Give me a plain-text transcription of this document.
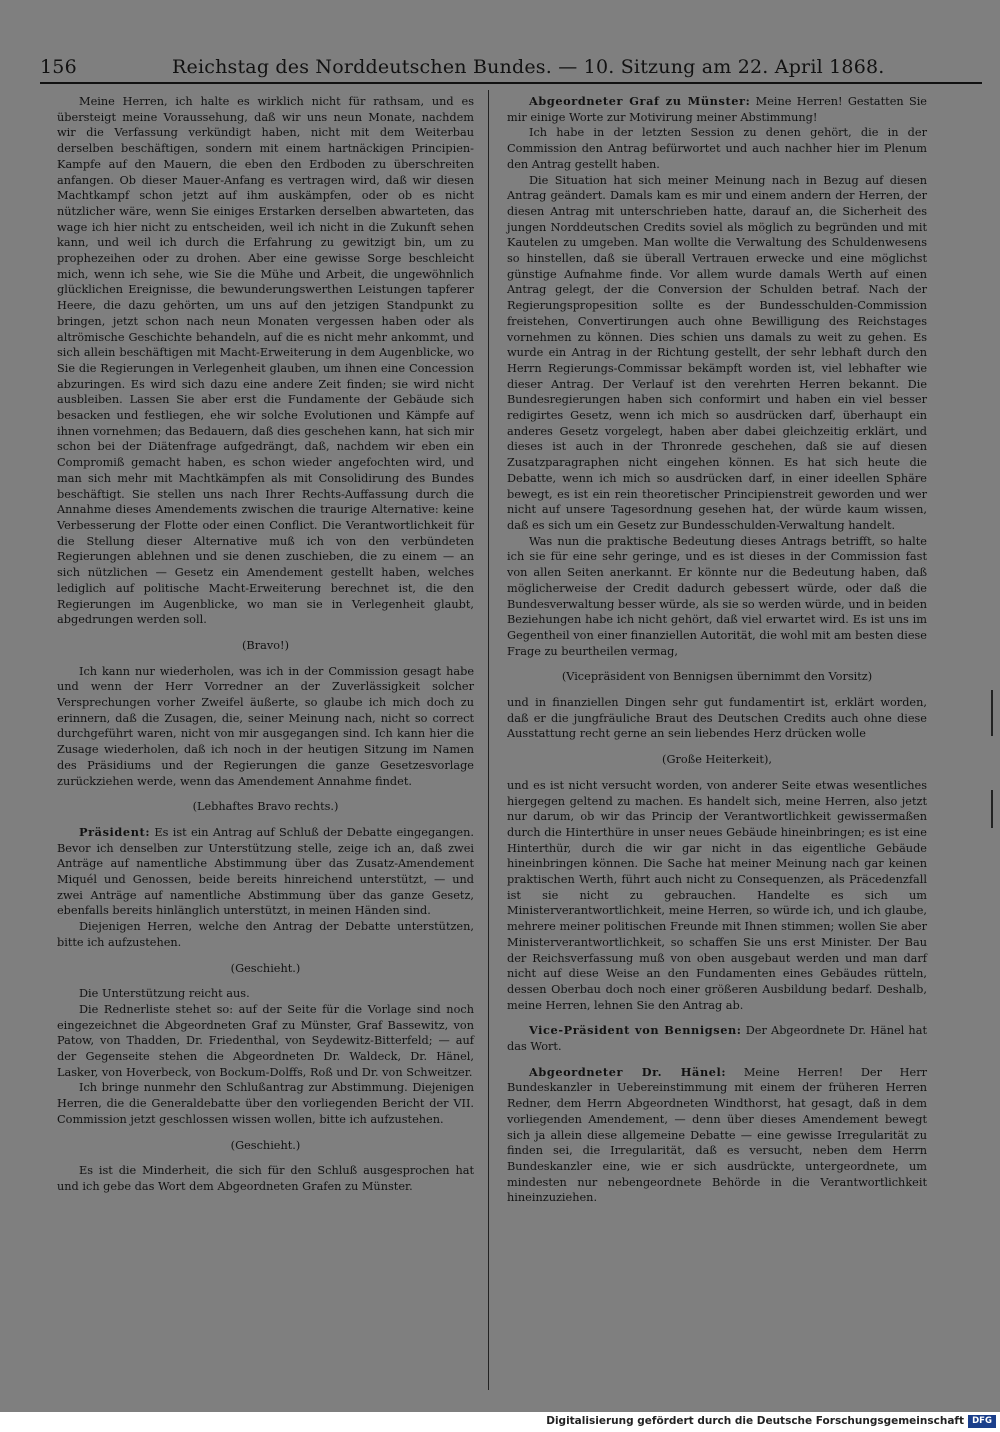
156	Reichstag des Norddeutschen Bundes. — 10. Sitzung am 22. April 1868.

Meine Herren, ich halte es wirklich nicht für rathsam, und es übersteigt meine Voraussehung, daß wir uns neun Monate, nachdem wir die Verfassung verkündigt haben, nicht mit dem Weiterbau derselben beschäftigen, sondern mit einem hartnäckigen Principien-Kampfe auf den Mauern, die eben den Erdboden zu überschreiten anfangen. Ob dieser Mauer-Anfang es vertragen wird, daß wir diesen Machtkampf schon jetzt auf ihm auskämpfen, oder ob es nicht nützlicher wäre, wenn Sie einiges Erstarken derselben abwarteten, das wage ich hier nicht zu entscheiden, weil ich nicht in die Zukunft sehen kann, und weil ich durch die Erfahrung zu gewitzigt bin, um zu prophezeihen oder zu drohen. Aber eine gewisse Sorge beschleicht mich, wenn ich sehe, wie Sie die Mühe und Arbeit, die ungewöhnlich glücklichen Ereignisse, die bewunderungswerthen Leistungen tapferer Heere, die dazu gehörten, um uns auf den jetzigen Standpunkt zu bringen, jetzt schon nach neun Monaten vergessen haben oder als altrömische Geschichte behandeln, auf die es nicht mehr ankommt, und sich allein beschäftigen mit Macht-Erweiterung in dem Augenblicke, wo Sie die Regierungen in Verlegenheit glauben, um ihnen eine Concession abzuringen. Es wird sich dazu eine andere Zeit finden; sie wird nicht ausbleiben. Lassen Sie aber erst die Fundamente der Gebäude sich besacken und festliegen, ehe wir solche Evolutionen und Kämpfe auf ihnen vornehmen; das Bedauern, daß dies geschehen kann, hat sich mir schon bei der Diätenfrage aufgedrängt, daß, nachdem wir eben ein Compromiß gemacht haben, es schon wieder angefochten wird, und man sich mehr mit Machtkämpfen als mit Consolidirung des Bundes beschäftigt. Sie stellen uns nach Ihrer Rechts-Auffassung durch die Annahme dieses Amendements zwischen die traurige Alternative: keine Verbesserung der Flotte oder einen Conflict. Die Verantwortlichkeit für die Stellung dieser Alternative muß ich von den verbündeten Regierungen ablehnen und sie denen zuschieben, die zu einem — an sich nützlichen — Gesetz ein Amendement gestellt haben, welches lediglich auf politische Macht-Erweiterung berechnet ist, die den Regierungen im Augenblicke, wo man sie in Verlegenheit glaubt, abgedrungen werden soll.

(Bravo!)

Ich kann nur wiederholen, was ich in der Commission gesagt habe und wenn der Herr Vorredner an der Zuverlässigkeit solcher Versprechungen vorher Zweifel äußerte, so glaube ich mich doch zu erinnern, daß die Zusagen, die, seiner Meinung nach, nicht so correct durchgeführt waren, nicht von mir ausgegangen sind. Ich kann hier die Zusage wiederholen, daß ich noch in der heutigen Sitzung im Namen des Präsidiums und der Regierungen die ganze Gesetzesvorlage zurückziehen werde, wenn das Amendement Annahme findet.

(Lebhaftes Bravo rechts.)

Präsident: Es ist ein Antrag auf Schluß der Debatte eingegangen. Bevor ich denselben zur Unterstützung stelle, zeige ich an, daß zwei Anträge auf namentliche Abstimmung über das Zusatz-Amendement Miquél und Genossen, beide bereits hinreichend unterstützt, — und zwei Anträge auf namentliche Abstimmung über das ganze Gesetz, ebenfalls bereits hinlänglich unterstützt, in meinen Händen sind.

Diejenigen Herren, welche den Antrag der Debatte unterstützen, bitte ich aufzustehen.

(Geschieht.)

Die Unterstützung reicht aus.

Die Rednerliste stehet so: auf der Seite für die Vorlage sind noch eingezeichnet die Abgeordneten Graf zu Münster, Graf Bassewitz, von Patow, von Thadden, Dr. Friedenthal, von Seydewitz-Bitterfeld; — auf der Gegenseite stehen die Abgeordneten Dr. Waldeck, Dr. Hänel, Lasker, von Hoverbeck, von Bockum-Dolffs, Roß und Dr. von Schweitzer.

Ich bringe nunmehr den Schlußantrag zur Abstimmung. Diejenigen Herren, die die Generaldebatte über den vorliegenden Bericht der VII. Commission jetzt geschlossen wissen wollen, bitte ich aufzustehen.

(Geschieht.)

Es ist die Minderheit, die sich für den Schluß ausgesprochen hat und ich gebe das Wort dem Abgeordneten Grafen zu Münster.

Abgeordneter Graf zu Münster: Meine Herren! Gestatten Sie mir einige Worte zur Motivirung meiner Abstimmung!

Ich habe in der letzten Session zu denen gehört, die in der Commission den Antrag befürwortet und auch nachher hier im Plenum den Antrag gestellt haben.

Die Situation hat sich meiner Meinung nach in Bezug auf diesen Antrag geändert. Damals kam es mir und einem andern der Herren, der diesen Antrag mit unterschrieben hatte, darauf an, die Sicherheit des jungen Norddeutschen Credits soviel als möglich zu begründen und mit Kautelen zu umgeben. Man wollte die Verwaltung des Schuldenwesens so hinstellen, daß sie überall Vertrauen erwecke und eine möglichst günstige Aufnahme finde. Vor allem wurde damals Werth auf einen Antrag gelegt, der die Conversion der Schulden betraf. Nach der Regierungspropesition sollte es der Bundesschulden-Commission freistehen, Convertirungen auch ohne Bewilligung des Reichstages vornehmen zu können. Dies schien uns damals zu weit zu gehen. Es wurde ein Antrag in der Richtung gestellt, der sehr lebhaft durch den Herrn Regierungs-Commissar bekämpft worden ist, viel lebhafter wie dieser Antrag. Der Verlauf ist den verehrten Herren bekannt. Die Bundesregierungen haben sich conformirt und haben ein viel besser redigirtes Gesetz, wenn ich mich so ausdrücken darf, überhaupt ein anderes Gesetz vorgelegt, haben aber dabei gleichzeitig erklärt, und dieses ist auch in der Thronrede geschehen, daß sie auf diesen Zusatzparagraphen nicht eingehen können. Es hat sich heute die Debatte, wenn ich mich so ausdrücken darf, in einer ideellen Sphäre bewegt, es ist ein rein theoretischer Principienstreit geworden und wer nicht auf unsere Tagesordnung gesehen hat, der würde kaum wissen, daß es sich um ein Gesetz zur Bundesschulden-Verwaltung handelt.

Was nun die praktische Bedeutung dieses Antrags betrifft, so halte ich sie für eine sehr geringe, und es ist dieses in der Commission fast von allen Seiten anerkannt. Er könnte nur die Bedeutung haben, daß möglicherweise der Credit dadurch gebessert würde, oder daß die Bundesverwaltung besser würde, als sie so werden würde, und in beiden Beziehungen habe ich nicht gehört, daß viel erwartet wird. Es ist uns im Gegentheil von einer finanziellen Autorität, die wohl mit am besten diese Frage zu beurtheilen vermag,

(Vicepräsident von Bennigsen übernimmt den Vorsitz)

und in finanziellen Dingen sehr gut fundamentirt ist, erklärt worden, daß er die jungfräuliche Braut des Deutschen Credits auch ohne diese Ausstattung recht gerne an sein liebendes Herz drücken wolle

(Große Heiterkeit),

und es ist nicht versucht worden, von anderer Seite etwas wesentliches hiergegen geltend zu machen. Es handelt sich, meine Herren, also jetzt nur darum, ob wir das Princip der Verantwortlichkeit gewissermaßen durch die Hinterthüre in unser neues Gebäude hineinbringen; es ist eine Hinterthür, durch die wir gar nicht in das eigentliche Gebäude hineinbringen können. Die Sache hat meiner Meinung nach gar keinen praktischen Werth, führt auch nicht zu Consequenzen, als Präcedenzfall ist sie nicht zu gebrauchen. Handelte es sich um Ministerverantwortlichkeit, meine Herren, so würde ich, und ich glaube, mehrere meiner politischen Freunde mit Ihnen stimmen; wollen Sie aber Ministerverantwortlichkeit, so schaffen Sie uns erst Minister. Der Bau der Reichsverfassung muß von oben ausgebaut werden und man darf nicht auf diese Weise an den Fundamenten eines Gebäudes rütteln, dessen Oberbau doch noch einer größeren Ausbildung bedarf. Deshalb, meine Herren, lehnen Sie den Antrag ab.

Vice-Präsident von Bennigsen: Der Abgeordnete Dr. Hänel hat das Wort.

Abgeordneter Dr. Hänel: Meine Herren! Der Herr Bundeskanzler in Uebereinstimmung mit einem der früheren Herren Redner, dem Herrn Abgeordneten Windthorst, hat gesagt, daß in dem vorliegenden Amendement, — denn über dieses Amendement bewegt sich ja allein diese allgemeine Debatte — eine gewisse Irregularität zu finden sei, die Irregularität, daß es versucht, neben dem Herrn Bundeskanzler eine, wie er sich ausdrückte, untergeordnete, um mindesten nur nebengeordnete Behörde in die Verantwortlichkeit hineinzuziehen.

Digitalisierung gefördert durch die Deutsche Forschungsgemeinschaft DFG
